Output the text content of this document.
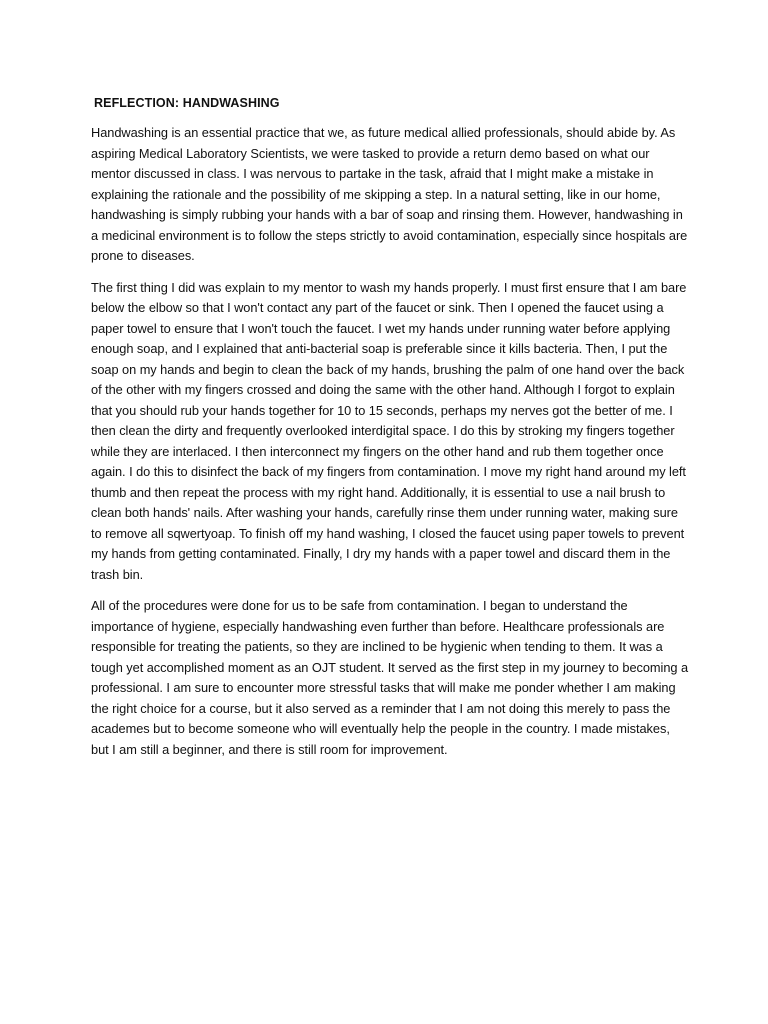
REFLECTION: HANDWASHING

Handwashing is an essential practice that we, as future medical allied professionals, should abide by. As aspiring Medical Laboratory Scientists, we were tasked to provide a return demo based on what our mentor discussed in class. I was nervous to partake in the task, afraid that I might make a mistake in explaining the rationale and the possibility of me skipping a step. In a natural setting, like in our home, handwashing is simply rubbing your hands with a bar of soap and rinsing them. However, handwashing in a medicinal environment is to follow the steps strictly to avoid contamination, especially since hospitals are prone to diseases.

The first thing I did was explain to my mentor to wash my hands properly. I must first ensure that I am bare below the elbow so that I won't contact any part of the faucet or sink. Then I opened the faucet using a paper towel to ensure that I won't touch the faucet. I wet my hands under running water before applying enough soap, and I explained that anti-bacterial soap is preferable since it kills bacteria. Then, I put the soap on my hands and begin to clean the back of my hands, brushing the palm of one hand over the back of the other with my fingers crossed and doing the same with the other hand. Although I forgot to explain that you should rub your hands together for 10 to 15 seconds, perhaps my nerves got the better of me. I then clean the dirty and frequently overlooked interdigital space. I do this by stroking my fingers together while they are interlaced. I then interconnect my fingers on the other hand and rub them together once again. I do this to disinfect the back of my fingers from contamination. I move my right hand around my left thumb and then repeat the process with my right hand. Additionally, it is essential to use a nail brush to clean both hands' nails. After washing your hands, carefully rinse them under running water, making sure to remove all sqwertyoap. To finish off my hand washing, I closed the faucet using paper towels to prevent my hands from getting contaminated. Finally, I dry my hands with a paper towel and discard them in the trash bin.

All of the procedures were done for us to be safe from contamination. I began to understand the importance of hygiene, especially handwashing even further than before. Healthcare professionals are responsible for treating the patients, so they are inclined to be hygienic when tending to them. It was a tough yet accomplished moment as an OJT student. It served as the first step in my journey to becoming a professional. I am sure to encounter more stressful tasks that will make me ponder whether I am making the right choice for a course, but it also served as a reminder that I am not doing this merely to pass the academes but to become someone who will eventually help the people in the country. I made mistakes, but I am still a beginner, and there is still room for improvement.
